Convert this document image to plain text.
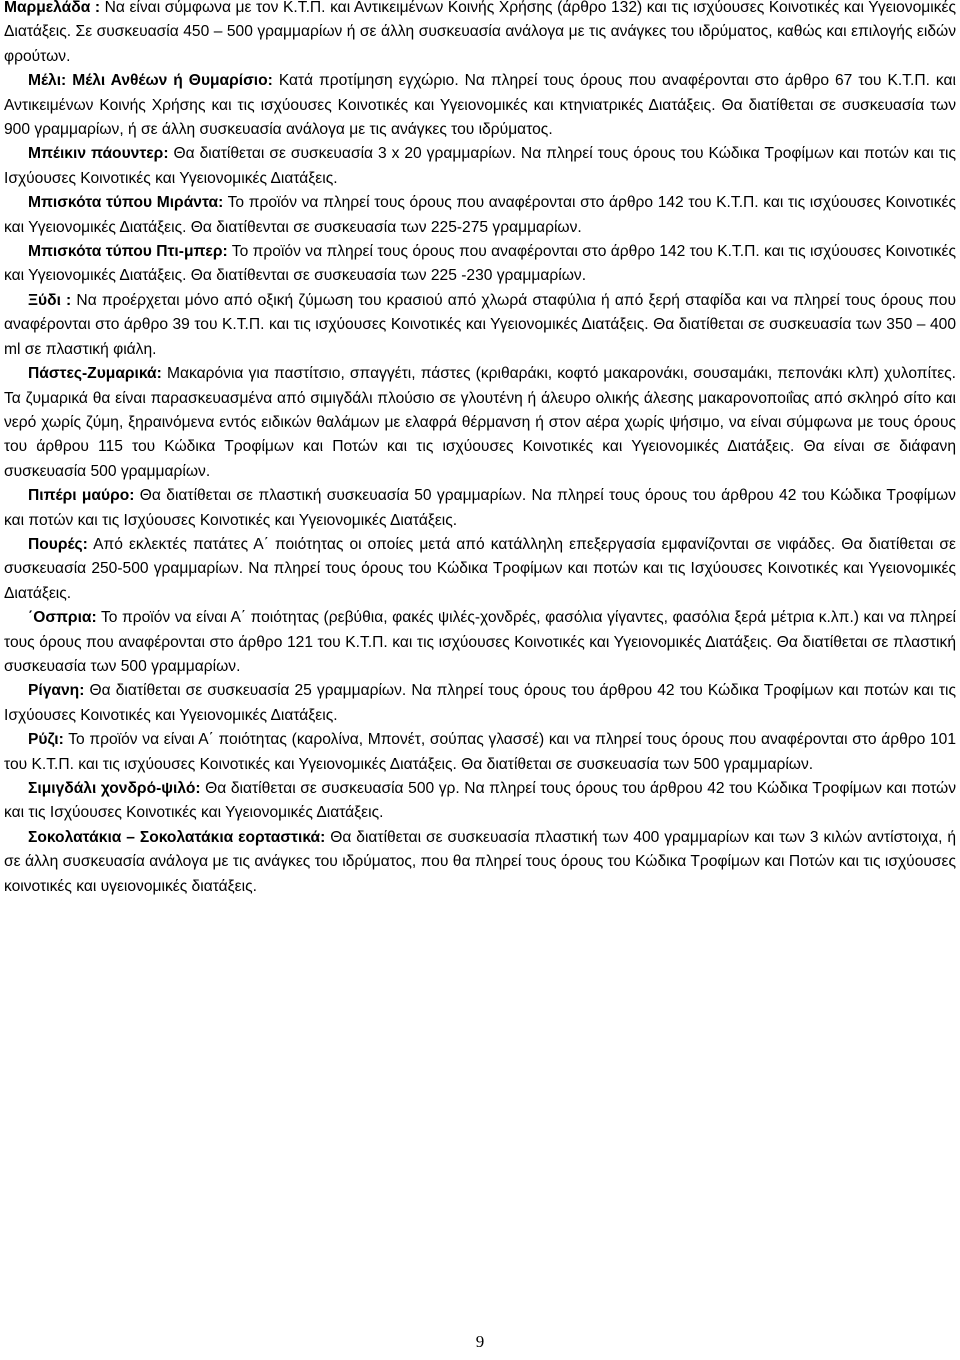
Μαρμελάδα : Να είναι σύμφωνα με τον Κ.Τ.Π. και Αντικειμένων Κοινής Χρήσης (άρθρο 132) και τις ισχύουσες Κοινοτικές και Υγειονομικές Διατάξεις. Σε συσκευασία 450 – 500 γραμμαρίων ή σε άλλη συσκευασία ανάλογα με τις ανάγκες του ιδρύματος, καθώς και επιλογής ειδών φρούτων.

Μέλι: Μέλι Ανθέων ή Θυμαρίσιο: Κατά προτίμηση εγχώριο. Να πληρεί τους όρους που αναφέρονται στο άρθρο 67 του Κ.Τ.Π. και Αντικειμένων Κοινής Χρήσης και τις ισχύουσες Κοινοτικές και Υγειονομικές και κτηνιατρικές Διατάξεις. Θα διατίθεται σε συσκευασία των 900 γραμμαρίων, ή σε άλλη συσκευασία ανάλογα με τις ανάγκες του ιδρύματος.

Μπέικιν πάουντερ: Θα διατίθεται σε συσκευασία 3 x 20 γραμμαρίων. Να πληρεί τους όρους του Κώδικα Τροφίμων και ποτών και τις Ισχύουσες Κοινοτικές και Υγειονομικές Διατάξεις.

Μπισκότα τύπου Μιράντα: Το προϊόν να πληρεί τους όρους που αναφέρονται στο άρθρο 142 του Κ.Τ.Π. και τις ισχύουσες Κοινοτικές και Υγειονομικές Διατάξεις. Θα διατίθενται σε συσκευασία των 225-275 γραμμαρίων.

Μπισκότα τύπου Πτι-μπερ: Το προϊόν να πληρεί τους όρους που αναφέρονται στο άρθρο 142 του Κ.Τ.Π. και τις ισχύουσες Κοινοτικές και Υγειονομικές Διατάξεις. Θα διατίθενται σε συσκευασία των 225 -230 γραμμαρίων.

Ξύδι : Να προέρχεται μόνο από οξική ζύμωση του κρασιού από χλωρά σταφύλια ή από ξερή σταφίδα και να πληρεί τους όρους που αναφέρονται στο άρθρο 39 του Κ.Τ.Π. και τις ισχύουσες Κοινοτικές και Υγειονομικές Διατάξεις. Θα διατίθεται σε συσκευασία των 350 – 400 ml σε πλαστική φιάλη.

Πάστες-Ζυμαρικά: Μακαρόνια για παστίτσιο, σπαγγέτι, πάστες (κριθαράκι, κοφτό μακαρονάκι, σουσαμάκι, πεπονάκι κλπ) χυλοπίτες. Τα ζυμαρικά θα είναι παρασκευασμένα από σιμιγδάλι πλούσιο σε γλουτένη ή άλευρο ολικής άλεσης μακαρονοποιΐας από σκληρό σίτο και νερό χωρίς ζύμη, ξηραινόμενα εντός ειδικών θαλάμων με ελαφρά θέρμανση ή στον αέρα χωρίς ψήσιμο, να είναι σύμφωνα με τους όρους του άρθρου 115 του Κώδικα Τροφίμων και Ποτών και τις ισχύουσες Κοινοτικές και Υγειονομικές Διατάξεις. Θα είναι σε διάφανη συσκευασία 500 γραμμαρίων.

Πιπέρι μαύρο: Θα διατίθεται σε πλαστική συσκευασία 50 γραμμαρίων. Να πληρεί τους όρους του άρθρου 42 του Κώδικα Τροφίμων και ποτών και τις Ισχύουσες Κοινοτικές και Υγειονομικές Διατάξεις.

Πουρές: Από εκλεκτές πατάτες Α΄ ποιότητας οι οποίες μετά από κατάλληλη επεξεργασία εμφανίζονται σε νιφάδες. Θα διατίθεται σε συσκευασία 250-500 γραμμαρίων. Να πληρεί τους όρους του Κώδικα Τροφίμων και ποτών και τις Ισχύουσες Κοινοτικές και Υγειονομικές Διατάξεις.

΄Οσπρια: Το προϊόν να είναι Α΄ ποιότητας (ρεβύθια, φακές ψιλές-χονδρές, φασόλια γίγαντες, φασόλια ξερά μέτρια κ.λπ.) και να πληρεί τους όρους που αναφέρονται στο άρθρο 121 του Κ.Τ.Π. και τις ισχύουσες Κοινοτικές και Υγειονομικές Διατάξεις. Θα διατίθεται σε πλαστική συσκευασία των 500 γραμμαρίων.

Ρίγανη: Θα διατίθεται σε συσκευασία 25 γραμμαρίων. Να πληρεί τους όρους του άρθρου 42 του Κώδικα Τροφίμων και ποτών και τις Ισχύουσες Κοινοτικές και Υγειονομικές Διατάξεις.

Ρύζι: Το προϊόν να είναι Α΄ ποιότητας (καρολίνα, Μπονέτ, σούπας γλασσέ) και να πληρεί τους όρους που αναφέρονται στο άρθρο 101 του Κ.Τ.Π. και τις ισχύουσες Κοινοτικές και Υγειονομικές Διατάξεις. Θα διατίθεται σε συσκευασία των 500 γραμμαρίων.

Σιμιγδάλι χονδρό-ψιλό: Θα διατίθεται σε συσκευασία 500 γρ. Να πληρεί τους όρους του άρθρου 42 του Κώδικα Τροφίμων και ποτών και τις Ισχύουσες Κοινοτικές και Υγειονομικές Διατάξεις.

Σοκολατάκια – Σοκολατάκια εορταστικά: Θα διατίθεται σε συσκευασία πλαστική των 400 γραμμαρίων και των 3 κιλών αντίστοιχα, ή σε άλλη συσκευασία ανάλογα με τις ανάγκες του ιδρύματος, που θα πληρεί τους όρους του Κώδικα Τροφίμων και Ποτών και τις ισχύουσες κοινοτικές και υγειονομικές διατάξεις.

9
